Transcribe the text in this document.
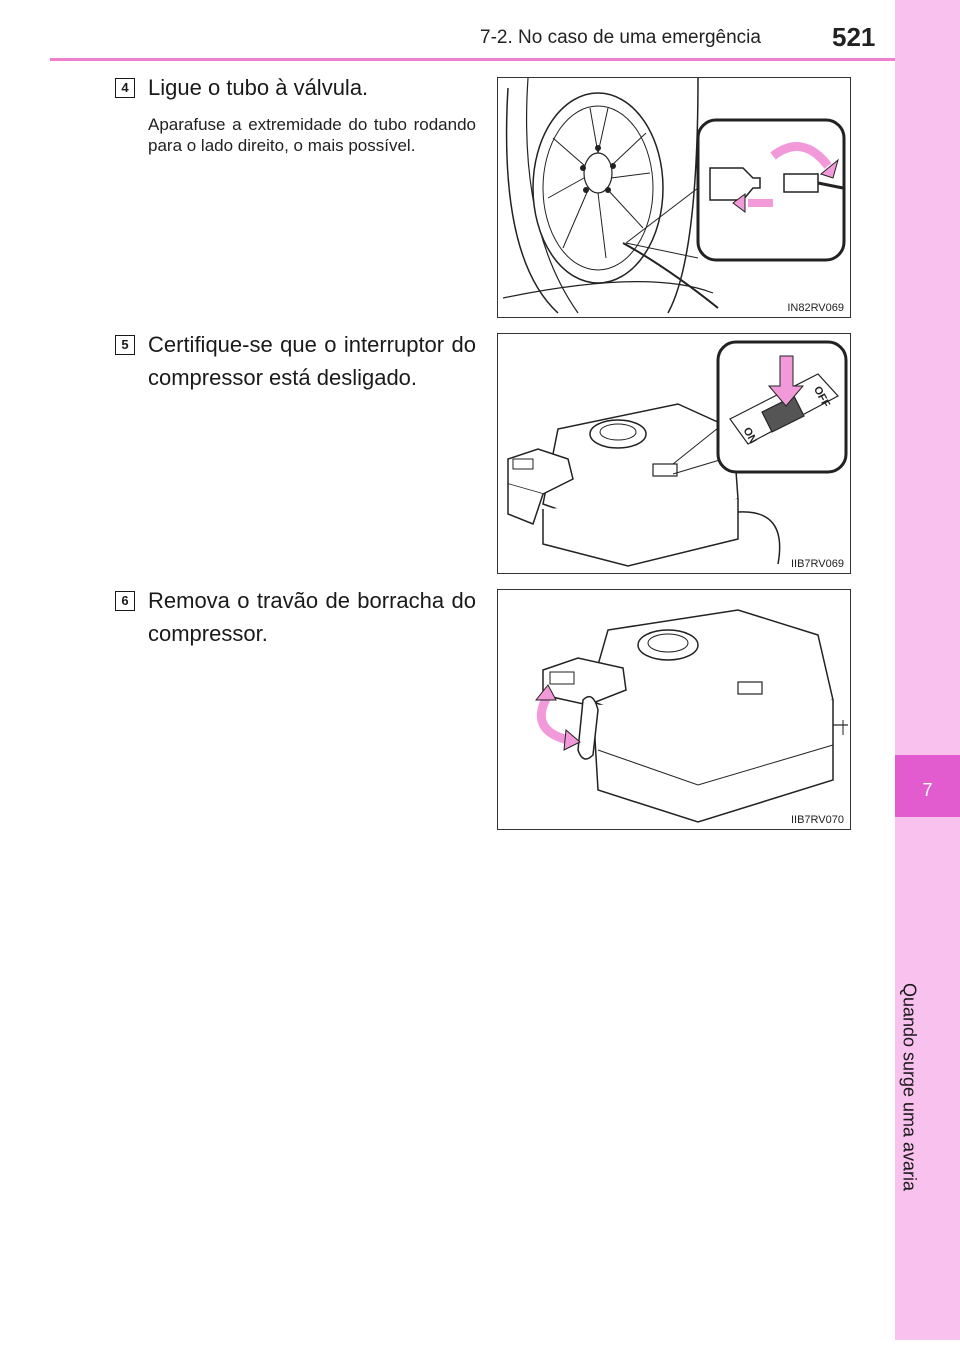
7-2. No caso de uma emergência	521
7
Quando surge uma avaria
4 Ligue o tubo à válvula.
Aparafuse a extremidade do tubo rodando para o lado direito, o mais possível.
IN82RV069
5 Certifique-se que o interruptor do compressor está desligado.
ON
OFF
IIB7RV069
6 Remova o travão de borracha do compressor.
IIB7RV070
